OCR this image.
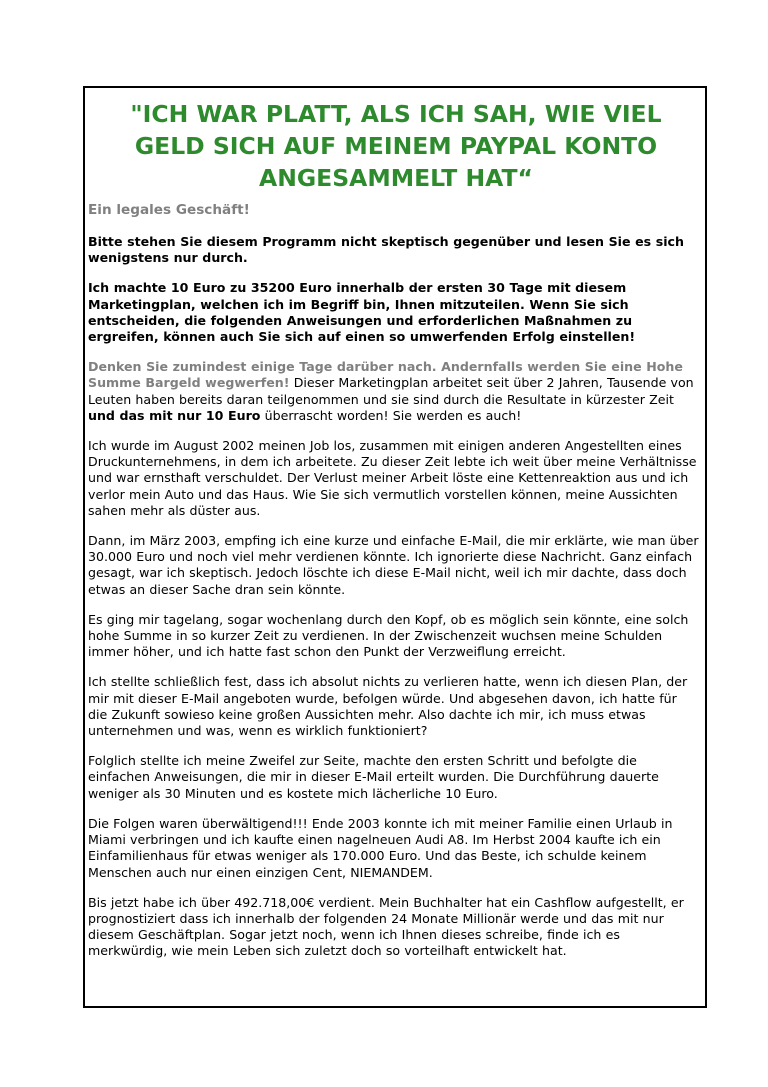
"ICH WAR PLATT, ALS ICH SAH, WIE VIEL GELD SICH AUF MEINEM PAYPAL KONTO ANGESAMMELT HAT“
Ein legales Geschäft!

Bitte stehen Sie diesem Programm nicht skeptisch gegenüber und lesen Sie es sich wenigstens nur durch.

Ich machte 10 Euro zu 35200 Euro innerhalb der ersten 30 Tage mit diesem Marketingplan, welchen ich im Begriff bin, Ihnen mitzuteilen. Wenn Sie sich entscheiden, die folgenden Anweisungen und erforderlichen Maßnahmen zu ergreifen, können auch Sie sich auf einen so umwerfenden Erfolg einstellen!

Denken Sie zumindest einige Tage darüber nach. Andernfalls werden Sie eine Hohe Summe Bargeld wegwerfen! Dieser Marketingplan arbeitet seit über 2 Jahren, Tausende von Leuten haben bereits daran teilgenommen und sie sind durch die Resultate in kürzester Zeit und das mit nur 10 Euro überrascht worden! Sie werden es auch!

Ich wurde im August 2002 meinen Job los, zusammen mit einigen anderen Angestellten eines Druckunternehmens, in dem ich arbeitete. Zu dieser Zeit lebte ich weit über meine Verhältnisse und war ernsthaft verschuldet. Der Verlust meiner Arbeit löste eine Kettenreaktion aus und ich verlor mein Auto und das Haus. Wie Sie sich vermutlich vorstellen können, meine Aussichten sahen mehr als düster aus.

Dann, im März 2003, empfing ich eine kurze und einfache E-Mail, die mir erklärte, wie man über 30.000 Euro und noch viel mehr verdienen könnte. Ich ignorierte diese Nachricht. Ganz einfach gesagt, war ich skeptisch. Jedoch löschte ich diese E-Mail nicht, weil ich mir dachte, dass doch etwas an dieser Sache dran sein könnte.

Es ging mir tagelang, sogar wochenlang durch den Kopf, ob es möglich sein könnte, eine solch hohe Summe in so kurzer Zeit zu verdienen. In der Zwischenzeit wuchsen meine Schulden immer höher, und ich hatte fast schon den Punkt der Verzweiflung erreicht.

Ich stellte schließlich fest, dass ich absolut nichts zu verlieren hatte, wenn ich diesen Plan, der mir mit dieser E-Mail angeboten wurde, befolgen würde. Und abgesehen davon, ich hatte für die Zukunft sowieso keine großen Aussichten mehr. Also dachte ich mir, ich muss etwas unternehmen und was, wenn es wirklich funktioniert?

Folglich stellte ich meine Zweifel zur Seite, machte den ersten Schritt und befolgte die einfachen Anweisungen, die mir in dieser E-Mail erteilt wurden. Die Durchführung dauerte weniger als 30 Minuten und es kostete mich lächerliche 10 Euro.

Die Folgen waren überwältigend!!! Ende 2003 konnte ich mit meiner Familie einen Urlaub in Miami verbringen und ich kaufte einen nagelneuen Audi A8. Im Herbst 2004 kaufte ich ein Einfamilienhaus für etwas weniger als 170.000 Euro. Und das Beste, ich schulde keinem Menschen auch nur einen einzigen Cent, NIEMANDEM.

Bis jetzt habe ich über 492.718,00€ verdient. Mein Buchhalter hat ein Cashflow aufgestellt, er prognostiziert dass ich innerhalb der folgenden 24 Monate Millionär werde und das mit nur diesem Geschäftplan. Sogar jetzt noch, wenn ich Ihnen dieses schreibe, finde ich es merkwürdig, wie mein Leben sich zuletzt doch so vorteilhaft entwickelt hat.
